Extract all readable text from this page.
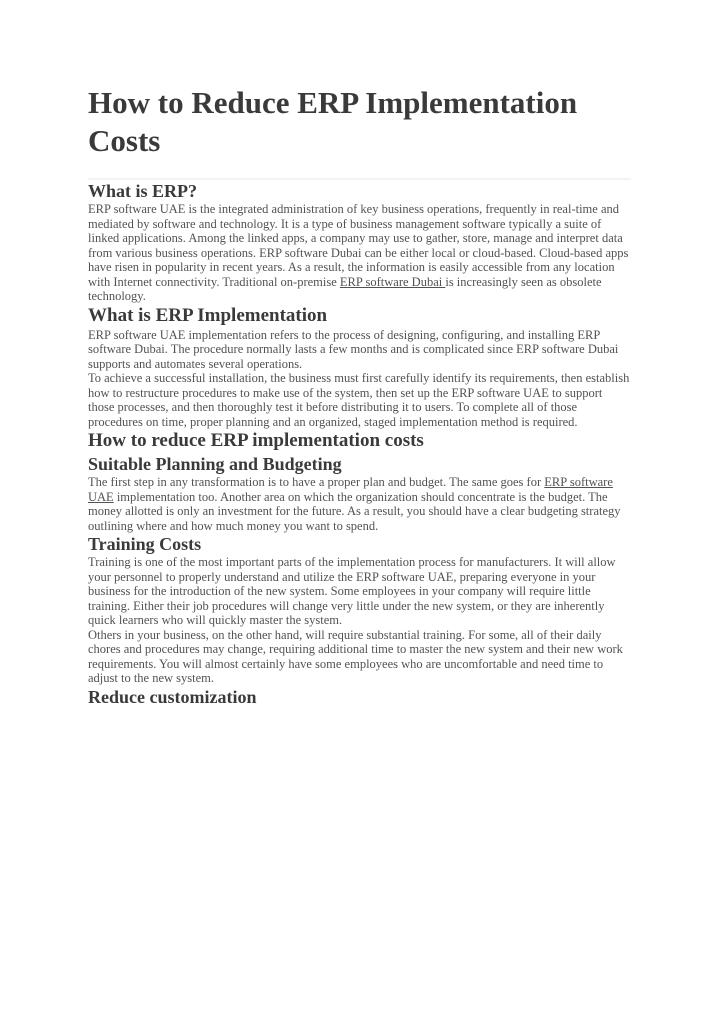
How to Reduce ERP Implementation Costs
What is ERP?

ERP software UAE is the integrated administration of key business operations, frequently in real-time and mediated by software and technology. It is a type of business management software typically a suite of linked applications. Among the linked apps, a company may use to gather, store, manage and interpret data from various business operations. ERP software Dubai can be either local or cloud-based. Cloud-based apps have risen in popularity in recent years. As a result, the information is easily accessible from any location with Internet connectivity. Traditional on-premise ERP software Dubai is increasingly seen as obsolete technology.

What is ERP Implementation

ERP software UAE implementation refers to the process of designing, configuring, and installing ERP software Dubai. The procedure normally lasts a few months and is complicated since ERP software Dubai supports and automates several operations.

To achieve a successful installation, the business must first carefully identify its requirements, then establish how to restructure procedures to make use of the system, then set up the ERP software UAE to support those processes, and then thoroughly test it before distributing it to users. To complete all of those procedures on time, proper planning and an organized, staged implementation method is required.

How to reduce ERP implementation costs
Suitable Planning and Budgeting

The first step in any transformation is to have a proper plan and budget. The same goes for ERP software UAE implementation too. Another area on which the organization should concentrate is the budget. The money allotted is only an investment for the future. As a result, you should have a clear budgeting strategy outlining where and how much money you want to spend.

Training Costs

Training is one of the most important parts of the implementation process for manufacturers. It will allow your personnel to properly understand and utilize the ERP software UAE, preparing everyone in your business for the introduction of the new system. Some employees in your company will require little training. Either their job procedures will change very little under the new system, or they are inherently quick learners who will quickly master the system.

Others in your business, on the other hand, will require substantial training. For some, all of their daily chores and procedures may change, requiring additional time to master the new system and their new work requirements. You will almost certainly have some employees who are uncomfortable and need time to adjust to the new system.

Reduce customization
